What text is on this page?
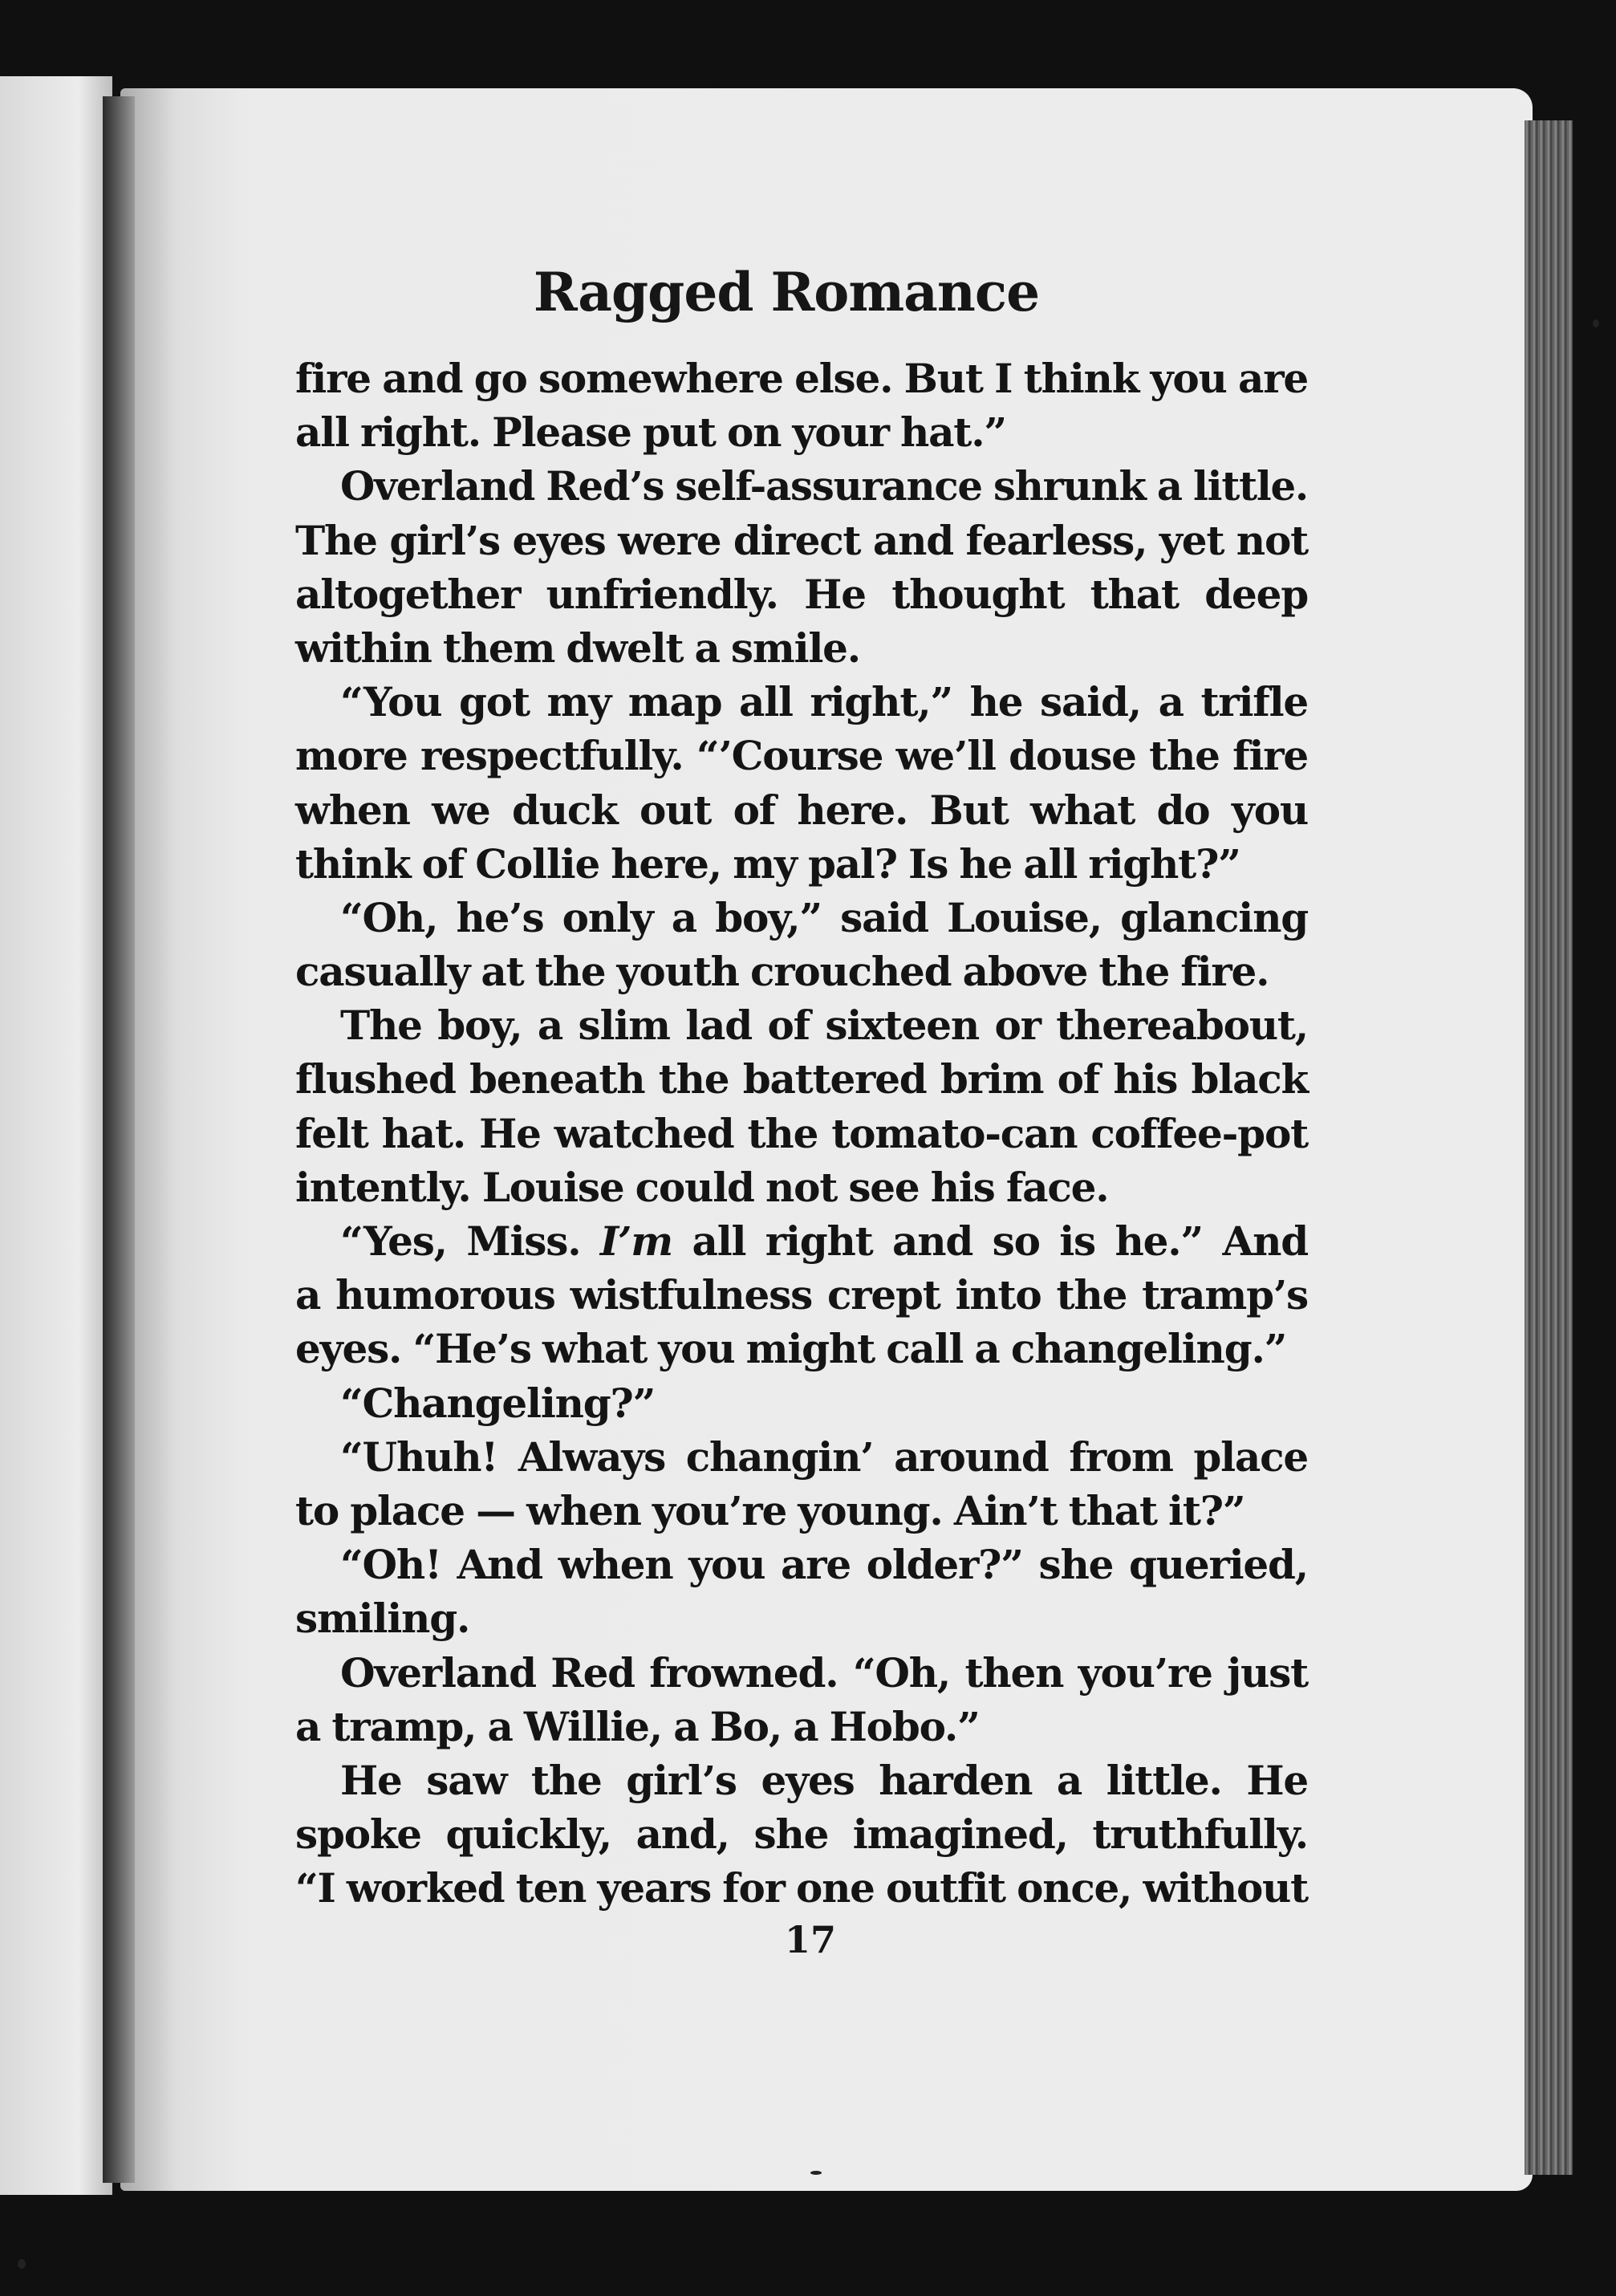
Ragged Romance
fire and go somewhere else. But I think you are
all right. Please put on your hat.”
Overland Red’s self-assurance shrunk a little.
The girl’s eyes were direct and fearless, yet not
altogether unfriendly. He thought that deep
within them dwelt a smile.
“You got my map all right,” he said, a trifle
more respectfully. “’Course we’ll douse the fire
when we duck out of here. But what do you
think of Collie here, my pal? Is he all right?”
“Oh, he’s only a boy,” said Louise, glancing
casually at the youth crouched above the fire.
The boy, a slim lad of sixteen or thereabout,
flushed beneath the battered brim of his black
felt hat. He watched the tomato-can coffee-pot
intently. Louise could not see his face.
“Yes, Miss. I’m all right and so is he.” And
a humorous wistfulness crept into the tramp’s
eyes. “He’s what you might call a changeling.”
“Changeling?”
“Uhuh! Always changin’ around from place
to place — when you’re young. Ain’t that it?”
“Oh! And when you are older?” she queried,
smiling.
Overland Red frowned. “Oh, then you’re just
a tramp, a Willie, a Bo, a Hobo.”
He saw the girl’s eyes harden a little. He
spoke quickly, and, she imagined, truthfully.
“I worked ten years for one outfit once, without
17
